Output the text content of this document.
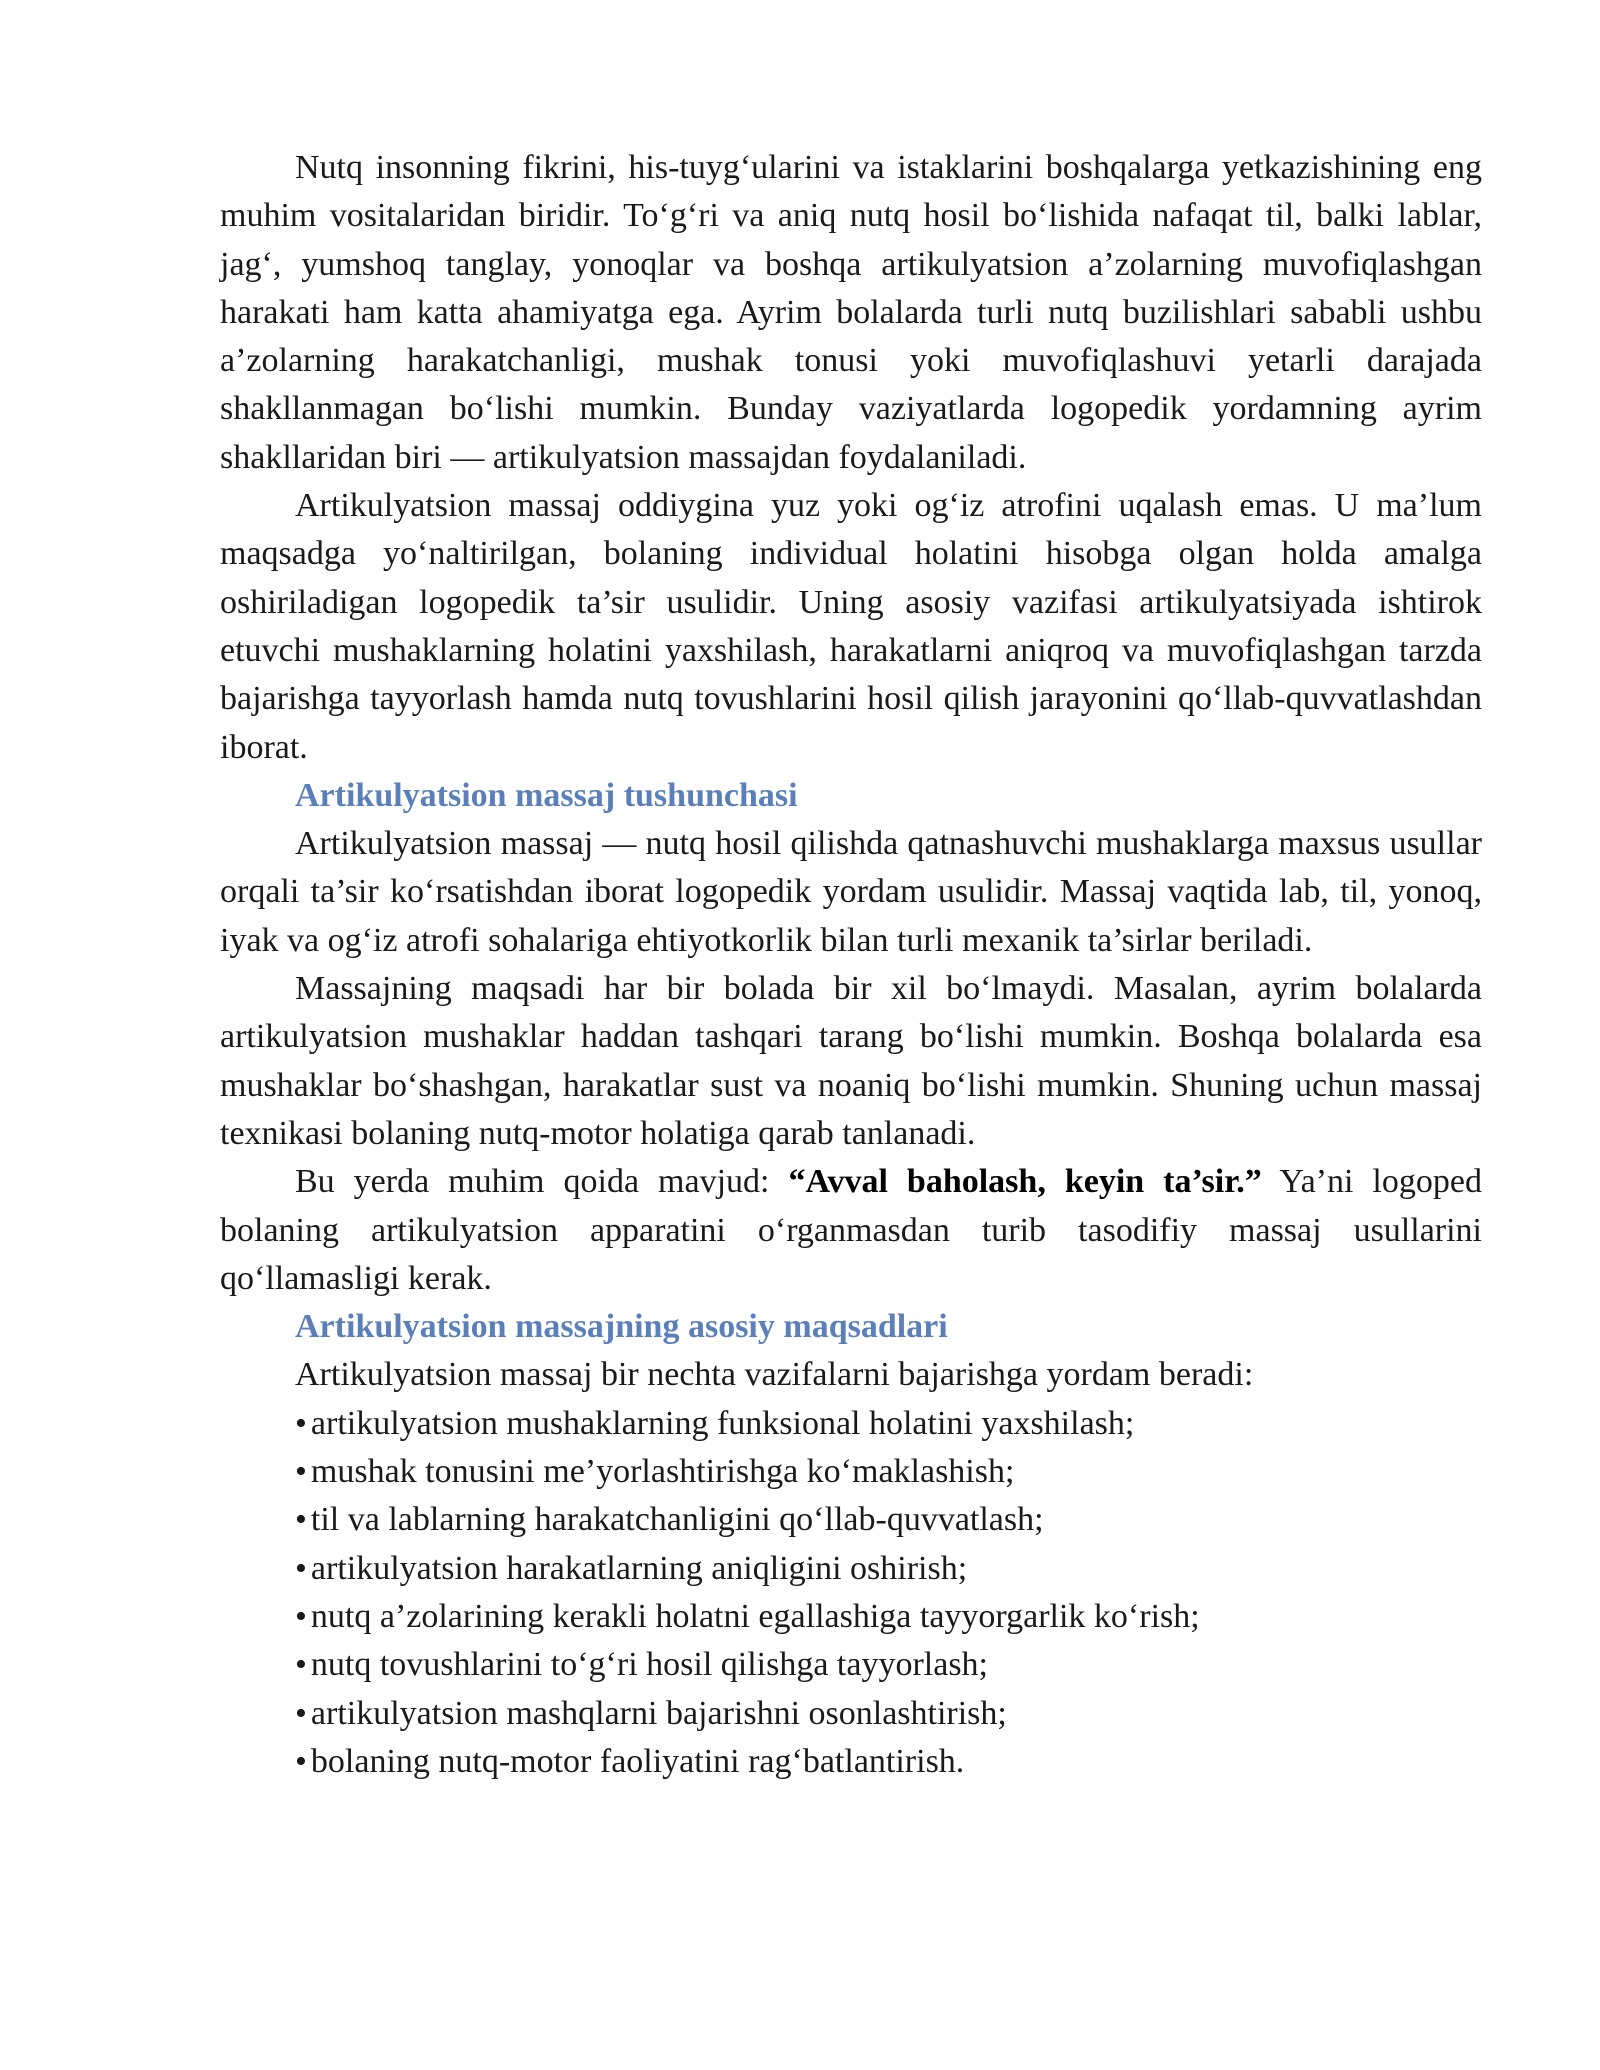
Nutq insonning fikrini, his-tuyg‘ularini va istaklarini boshqalarga yetkazishining eng muhim vositalaridan biridir. To‘g‘ri va aniq nutq hosil bo‘lishida nafaqat til, balki lablar, jag‘, yumshoq tanglay, yonoqlar va boshqa artikulyatsion a’zolarning muvofiqlashgan harakati ham katta ahamiyatga ega. Ayrim bolalarda turli nutq buzilishlari sababli ushbu a’zolarning harakatchanligi, mushak tonusi yoki muvofiqlashuvi yetarli darajada shakllanmagan bo‘lishi mumkin. Bunday vaziyatlarda logopedik yordamning ayrim shakllaridan biri — artikulyatsion massajdan foydalaniladi.

Artikulyatsion massaj oddiygina yuz yoki og‘iz atrofini uqalash emas. U ma’lum maqsadga yo‘naltirilgan, bolaning individual holatini hisobga olgan holda amalga oshiriladigan logopedik ta’sir usulidir. Uning asosiy vazifasi artikulyatsiyada ishtirok etuvchi mushaklarning holatini yaxshilash, harakatlarni aniqroq va muvofiqlashgan tarzda bajarishga tayyorlash hamda nutq tovushlarini hosil qilish jarayonini qo‘llab-quvvatlashdan iborat.

Artikulyatsion massaj tushunchasi

Artikulyatsion massaj — nutq hosil qilishda qatnashuvchi mushaklarga maxsus usullar orqali ta’sir ko‘rsatishdan iborat logopedik yordam usulidir. Massaj vaqtida lab, til, yonoq, iyak va og‘iz atrofi sohalariga ehtiyotkorlik bilan turli mexanik ta’sirlar beriladi.

Massajning maqsadi har bir bolada bir xil bo‘lmaydi. Masalan, ayrim bolalarda artikulyatsion mushaklar haddan tashqari tarang bo‘lishi mumkin. Boshqa bolalarda esa mushaklar bo‘shashgan, harakatlar sust va noaniq bo‘lishi mumkin. Shuning uchun massaj texnikasi bolaning nutq-motor holatiga qarab tanlanadi.

Bu yerda muhim qoida mavjud: “Avval baholash, keyin ta’sir.” Ya’ni logoped bolaning artikulyatsion apparatini o‘rganmasdan turib tasodifiy massaj usullarini qo‘llamasligi kerak.

Artikulyatsion massajning asosiy maqsadlari

Artikulyatsion massaj bir nechta vazifalarni bajarishga yordam beradi:

• artikulyatsion mushaklarning funksional holatini yaxshilash;
• mushak tonusini me’yorlashtirishga ko‘maklashish;
• til va lablarning harakatchanligini qo‘llab-quvvatlash;
• artikulyatsion harakatlarning aniqligini oshirish;
• nutq a’zolarining kerakli holatni egallashiga tayyorgarlik ko‘rish;
• nutq tovushlarini to‘g‘ri hosil qilishga tayyorlash;
• artikulyatsion mashqlarni bajarishni osonlashtirish;
• bolaning nutq-motor faoliyatini rag‘batlantirish.
